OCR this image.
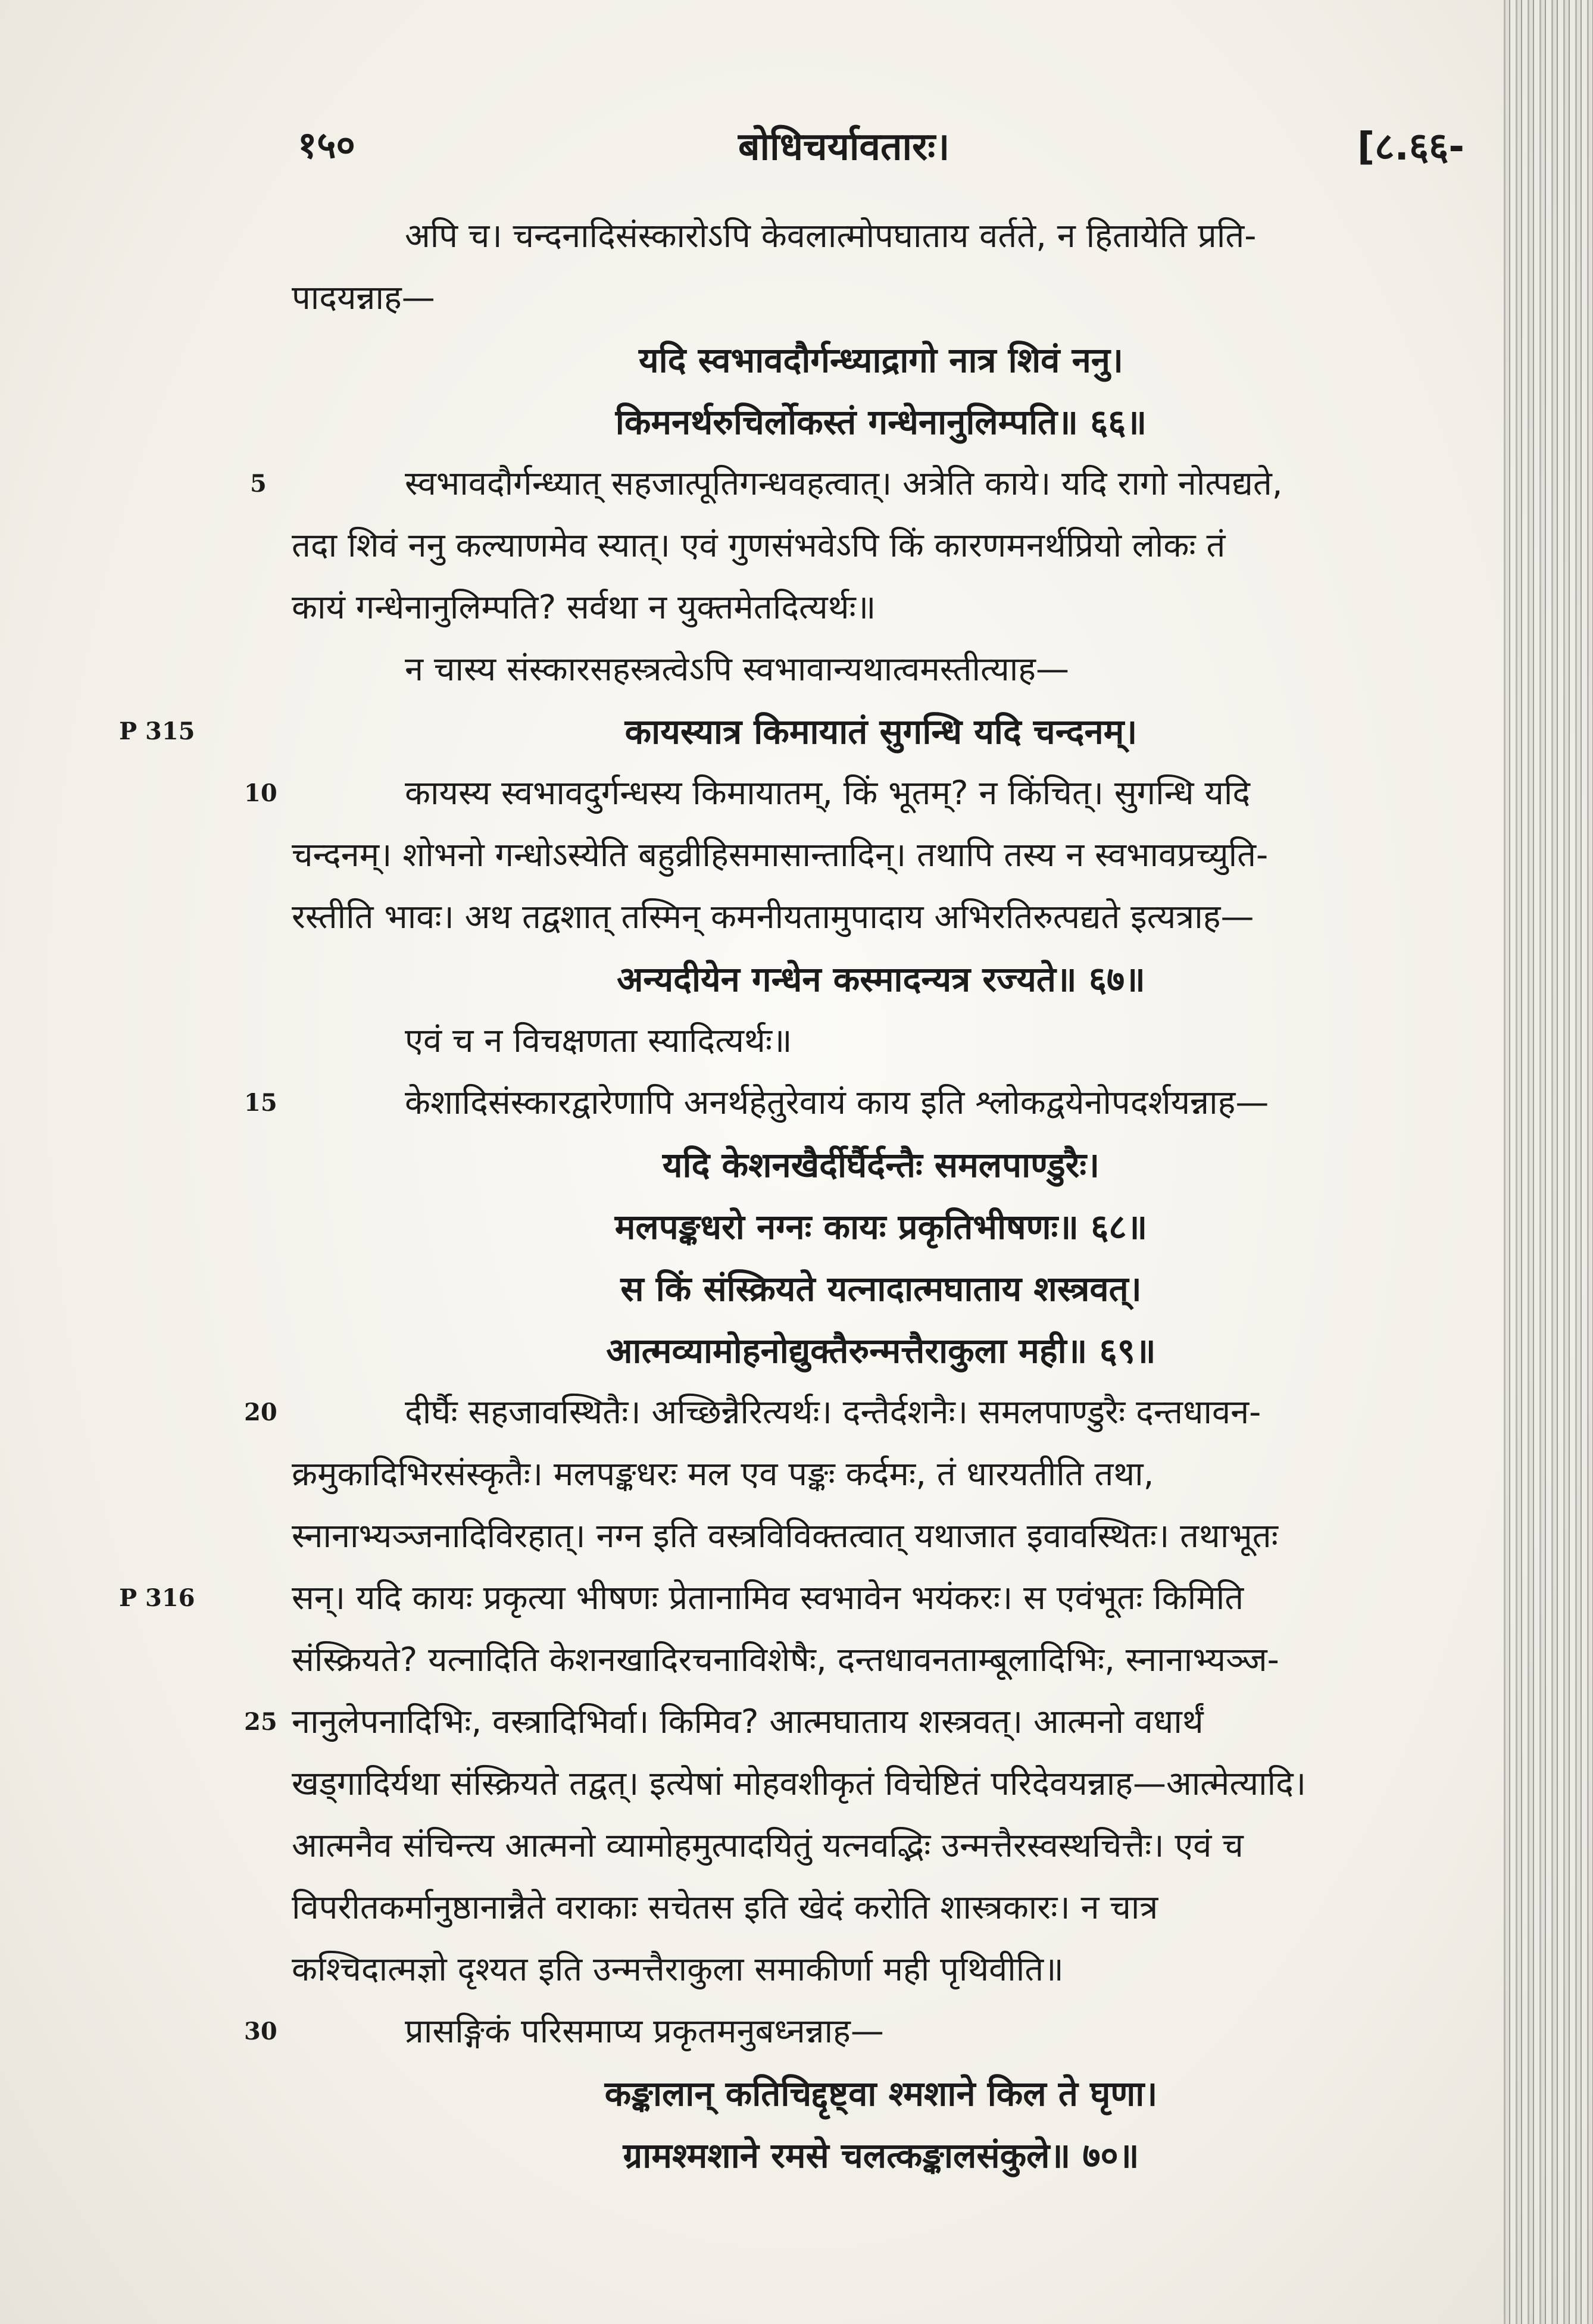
१५०	बोधिचर्यावतारः।	[८.६६-
अपि च। चन्दनादिसंस्कारोऽपि केवलात्मोपघाताय वर्तते, न हितायेति प्रति-
पादयन्नाह—
यदि स्वभावदौर्गन्ध्याद्रागो नात्र शिवं ननु।
किमनर्थरुचिर्लोकस्तं गन्धेनानुलिम्पति॥ ६६॥
5	स्वभावदौर्गन्ध्यात् सहजात्पूतिगन्धवहत्वात्। अत्रेति काये। यदि रागो नोत्पद्यते,
तदा शिवं ननु कल्याणमेव स्यात्। एवं गुणसंभवेऽपि किं कारणमनर्थप्रियो लोकः तं
कायं गन्धेनानुलिम्पति? सर्वथा न युक्तमेतदित्यर्थः॥
न चास्य संस्कारसहस्त्रत्वेऽपि स्वभावान्यथात्वमस्तीत्याह—
P 315	कायस्यात्र किमायातं सुगन्धि यदि चन्दनम्।
10	कायस्य स्वभावदुर्गन्धस्य किमायातम्, किं भूतम्? न किंचित्। सुगन्धि यदि
चन्दनम्। शोभनो गन्धोऽस्येति बहुव्रीहिसमासान्तादिन्। तथापि तस्य न स्वभावप्रच्युति-
रस्तीति भावः। अथ तद्वशात् तस्मिन् कमनीयतामुपादाय अभिरतिरुत्पद्यते इत्यत्राह—
अन्यदीयेन गन्धेन कस्मादन्यत्र रज्यते॥ ६७॥
एवं च न विचक्षणता स्यादित्यर्थः॥
15	केशादिसंस्कारद्वारेणापि अनर्थहेतुरेवायं काय इति श्लोकद्वयेनोपदर्शयन्नाह—
यदि केशनखैर्दीर्घैर्दन्तैः समलपाण्डुरैः।
मलपङ्कधरो नग्नः कायः प्रकृतिभीषणः॥ ६८॥
स किं संस्क्रियते यत्नादात्मघाताय शस्त्रवत्।
आत्मव्यामोहनोद्युक्तैरुन्मत्तैराकुला मही॥ ६९॥
20	दीर्घैः सहजावस्थितैः। अच्छिन्नैरित्यर्थः। दन्तैर्दशनैः। समलपाण्डुरैः दन्तधावन-
क्रमुकादिभिरसंस्कृतैः। मलपङ्कधरः मल एव पङ्कः कर्दमः, तं धारयतीति तथा,
स्नानाभ्यञ्जनादिविरहात्। नग्न इति वस्त्रविविक्तत्वात् यथाजात इवावस्थितः। तथाभूतः
P 316	सन्। यदि कायः प्रकृत्या भीषणः प्रेतानामिव स्वभावेन भयंकरः। स एवंभूतः किमिति
संस्क्रियते? यत्नादिति केशनखादिरचनाविशेषैः, दन्तधावनताम्बूलादिभिः, स्नानाभ्यञ्ज-
25 नानुलेपनादिभिः, वस्त्रादिभिर्वा। किमिव? आत्मघाताय शस्त्रवत्। आत्मनो वधार्थं
खड्गादिर्यथा संस्क्रियते तद्वत्। इत्येषां मोहवशीकृतं विचेष्टितं परिदेवयन्नाह—आत्मेत्यादि।
आत्मनैव संचिन्त्य आत्मनो व्यामोहमुत्पादयितुं यत्नवद्भिः उन्मत्तैरस्वस्थचित्तैः। एवं च
विपरीतकर्मानुष्ठानान्नैते वराकाः सचेतस इति खेदं करोति शास्त्रकारः। न चात्र
कश्चिदात्मज्ञो दृश्यत इति उन्मत्तैराकुला समाकीर्णा मही पृथिवीति॥
30	प्रासङ्गिकं परिसमाप्य प्रकृतमनुबध्नन्नाह—
कङ्कालान् कतिचिद्दृष्ट्वा श्मशाने किल ते घृणा।
ग्रामश्मशाने रमसे चलत्कङ्कालसंकुले॥ ७०॥
